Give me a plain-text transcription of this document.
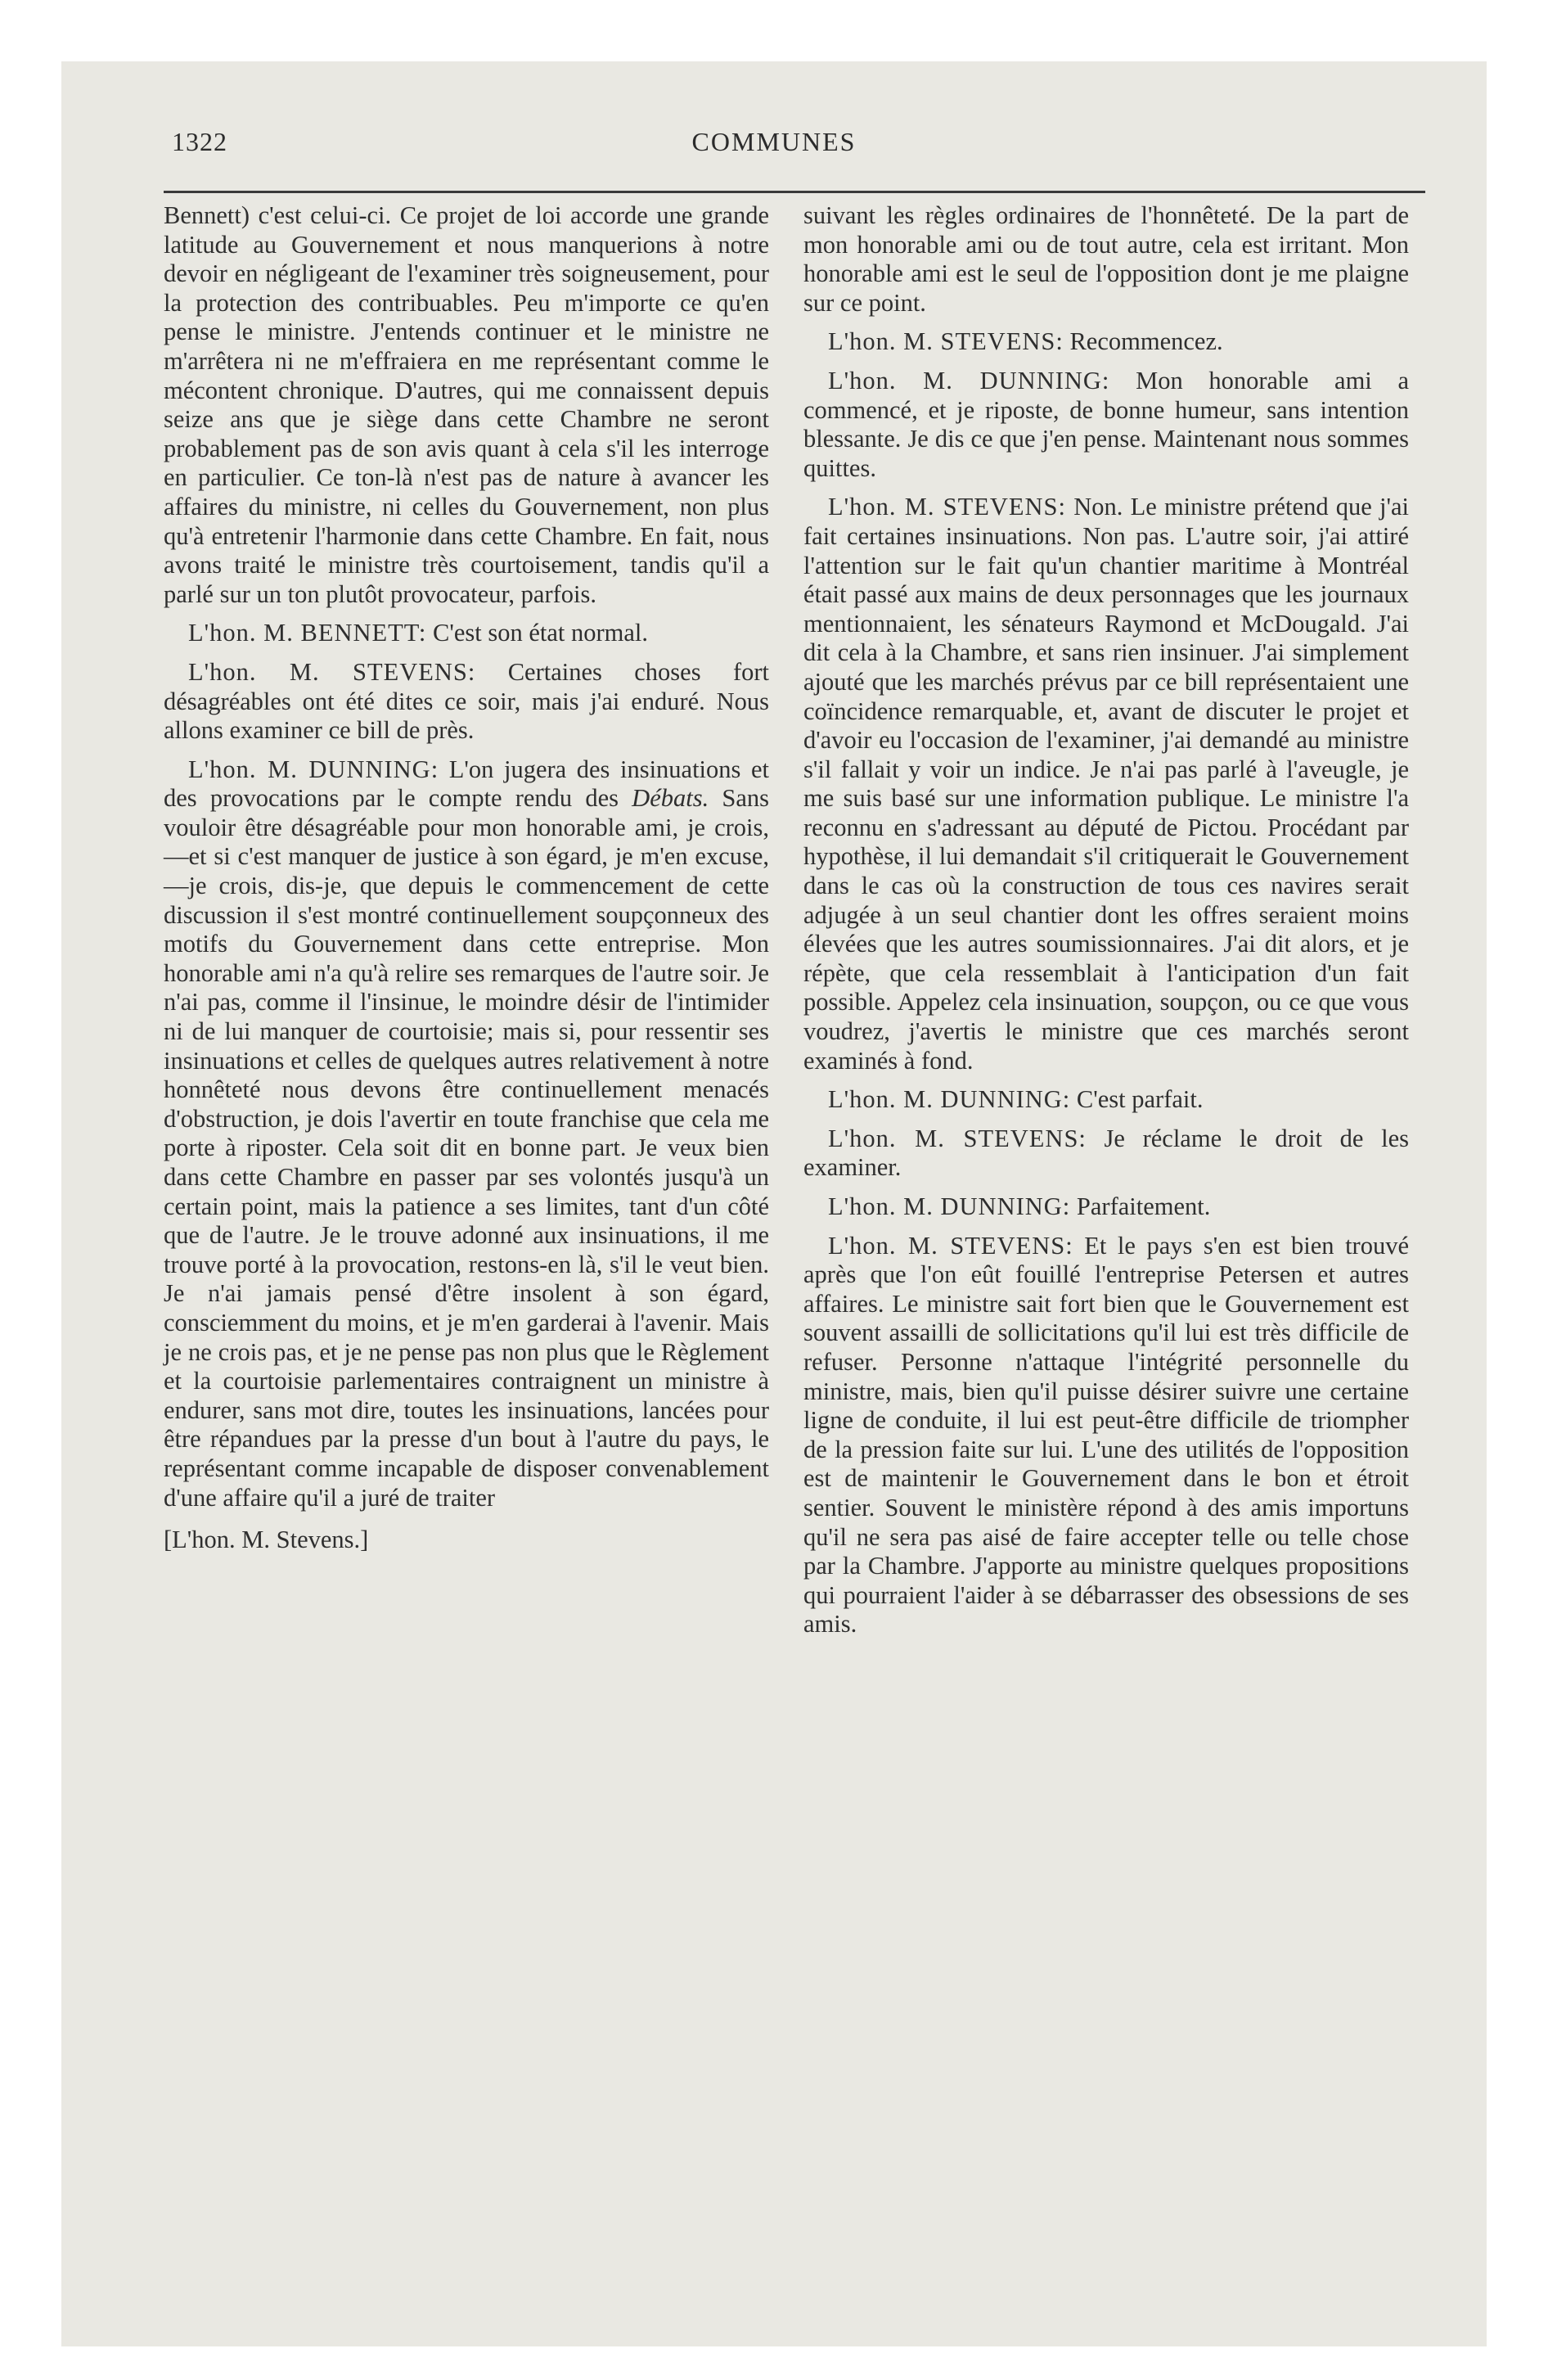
1322	COMMUNES

Bennett) c'est celui-ci. Ce projet de loi accorde une grande latitude au Gouvernement et nous manquerions à notre devoir en négligeant de l'examiner très soigneusement, pour la protection des contribuables. Peu m'importe ce qu'en pense le ministre. J'entends continuer et le ministre ne m'arrêtera ni ne m'effraiera en me représentant comme le mécontent chronique. D'autres, qui me connaissent depuis seize ans que je siège dans cette Chambre ne seront probablement pas de son avis quant à cela s'il les interroge en particulier. Ce ton-là n'est pas de nature à avancer les affaires du ministre, ni celles du Gouvernement, non plus qu'à entretenir l'harmonie dans cette Chambre. En fait, nous avons traité le ministre très courtoisement, tandis qu'il a parlé sur un ton plutôt provocateur, parfois.

L'hon. M. BENNETT: C'est son état normal.

L'hon. M. STEVENS: Certaines choses fort désagréables ont été dites ce soir, mais j'ai enduré. Nous allons examiner ce bill de près.

L'hon. M. DUNNING: L'on jugera des insinuations et des provocations par le compte rendu des Débats. Sans vouloir être désagréable pour mon honorable ami, je crois,—et si c'est manquer de justice à son égard, je m'en excuse,—je crois, dis-je, que depuis le commencement de cette discussion il s'est montré continuellement soupçonneux des motifs du Gouvernement dans cette entreprise. Mon honorable ami n'a qu'à relire ses remarques de l'autre soir. Je n'ai pas, comme il l'insinue, le moindre désir de l'intimider ni de lui manquer de courtoisie; mais si, pour ressentir ses insinuations et celles de quelques autres relativement à notre honnêteté nous devons être continuellement menacés d'obstruction, je dois l'avertir en toute franchise que cela me porte à riposter. Cela soit dit en bonne part. Je veux bien dans cette Chambre en passer par ses volontés jusqu'à un certain point, mais la patience a ses limites, tant d'un côté que de l'autre. Je le trouve adonné aux insinuations, il me trouve porté à la provocation, restons-en là, s'il le veut bien. Je n'ai jamais pensé d'être insolent à son égard, consciemment du moins, et je m'en garderai à l'avenir. Mais je ne crois pas, et je ne pense pas non plus que le Règlement et la courtoisie parlementaires contraignent un ministre à endurer, sans mot dire, toutes les insinuations, lancées pour être répandues par la presse d'un bout à l'autre du pays, le représentant comme incapable de disposer convenablement d'une affaire qu'il a juré de traiter

[L'hon. M. Stevens.]

suivant les règles ordinaires de l'honnêteté. De la part de mon honorable ami ou de tout autre, cela est irritant. Mon honorable ami est le seul de l'opposition dont je me plaigne sur ce point.

L'hon. M. STEVENS: Recommencez.

L'hon. M. DUNNING: Mon honorable ami a commencé, et je riposte, de bonne humeur, sans intention blessante. Je dis ce que j'en pense. Maintenant nous sommes quittes.

L'hon. M. STEVENS: Non. Le ministre prétend que j'ai fait certaines insinuations. Non pas. L'autre soir, j'ai attiré l'attention sur le fait qu'un chantier maritime à Montréal était passé aux mains de deux personnages que les journaux mentionnaient, les sénateurs Raymond et McDougald. J'ai dit cela à la Chambre, et sans rien insinuer. J'ai simplement ajouté que les marchés prévus par ce bill représentaient une coïncidence remarquable, et, avant de discuter le projet et d'avoir eu l'occasion de l'examiner, j'ai demandé au ministre s'il fallait y voir un indice. Je n'ai pas parlé à l'aveugle, je me suis basé sur une information publique. Le ministre l'a reconnu en s'adressant au député de Pictou. Procédant par hypothèse, il lui demandait s'il critiquerait le Gouvernement dans le cas où la construction de tous ces navires serait adjugée à un seul chantier dont les offres seraient moins élevées que les autres soumissionnaires. J'ai dit alors, et je répète, que cela ressemblait à l'anticipation d'un fait possible. Appelez cela insinuation, soupçon, ou ce que vous voudrez, j'avertis le ministre que ces marchés seront examinés à fond.

L'hon. M. DUNNING: C'est parfait.

L'hon. M. STEVENS: Je réclame le droit de les examiner.

L'hon. M. DUNNING: Parfaitement.

L'hon. M. STEVENS: Et le pays s'en est bien trouvé après que l'on eût fouillé l'entreprise Petersen et autres affaires. Le ministre sait fort bien que le Gouvernement est souvent assailli de sollicitations qu'il lui est très difficile de refuser. Personne n'attaque l'intégrité personnelle du ministre, mais, bien qu'il puisse désirer suivre une certaine ligne de conduite, il lui est peut-être difficile de triompher de la pression faite sur lui. L'une des utilités de l'opposition est de maintenir le Gouvernement dans le bon et étroit sentier. Souvent le ministère répond à des amis importuns qu'il ne sera pas aisé de faire accepter telle ou telle chose par la Chambre. J'apporte au ministre quelques propositions qui pourraient l'aider à se débarrasser des obsessions de ses amis.
